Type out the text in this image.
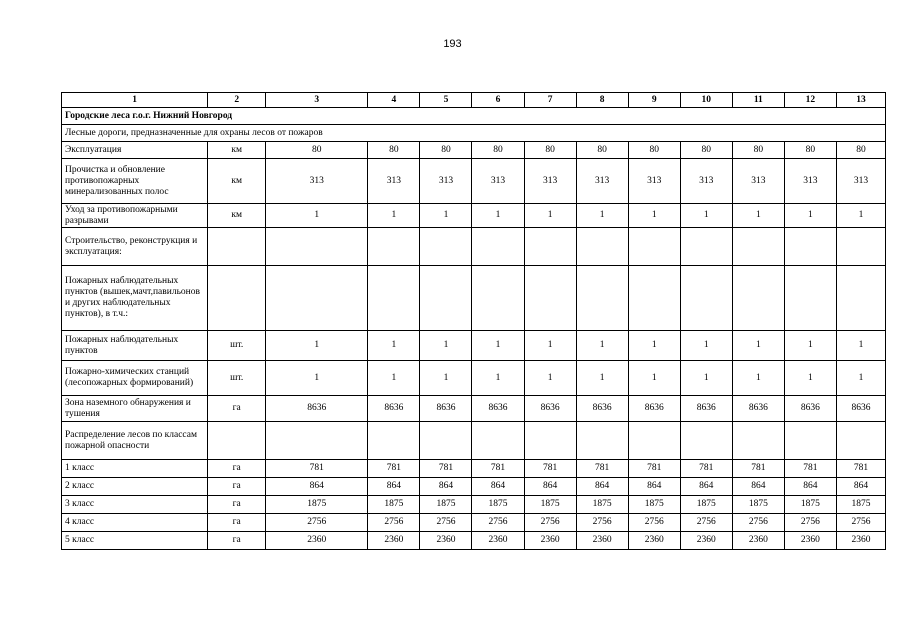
193
1	2	3	4	5	6	7	8	9	10	11	12	13
Городские леса г.о.г. Нижний Новгород												
Лесные дороги, предназначенные для охраны лесов от пожаров												
Эксплуатация	км	80	80	80	80	80	80	80	80	80	80	80
Прочистка и обновление противопожарных минерализованных полос	км	313	313	313	313	313	313	313	313	313	313	313
Уход за противопожарными разрывами	км	1	1	1	1	1	1	1	1	1	1	1
Строительство, реконструкция и эксплуатация:												
Пожарных наблюдательных пунктов (вышек,мачт,павильонов и других наблюдательных пунктов), в т.ч.:												
Пожарных наблюдательных пунктов	шт.	1	1	1	1	1	1	1	1	1	1	1
Пожарно-химических станций (лесопожарных формирований)	шт.	1	1	1	1	1	1	1	1	1	1	1
Зона наземного обнаружения и тушения	га	8636	8636	8636	8636	8636	8636	8636	8636	8636	8636	8636
Распределение лесов по классам пожарной опасности												
1 класс	га	781	781	781	781	781	781	781	781	781	781	781
2 класс	га	864	864	864	864	864	864	864	864	864	864	864
3 класс	га	1875	1875	1875	1875	1875	1875	1875	1875	1875	1875	1875
4 класс	га	2756	2756	2756	2756	2756	2756	2756	2756	2756	2756	2756
5 класс	га	2360	2360	2360	2360	2360	2360	2360	2360	2360	2360	2360
